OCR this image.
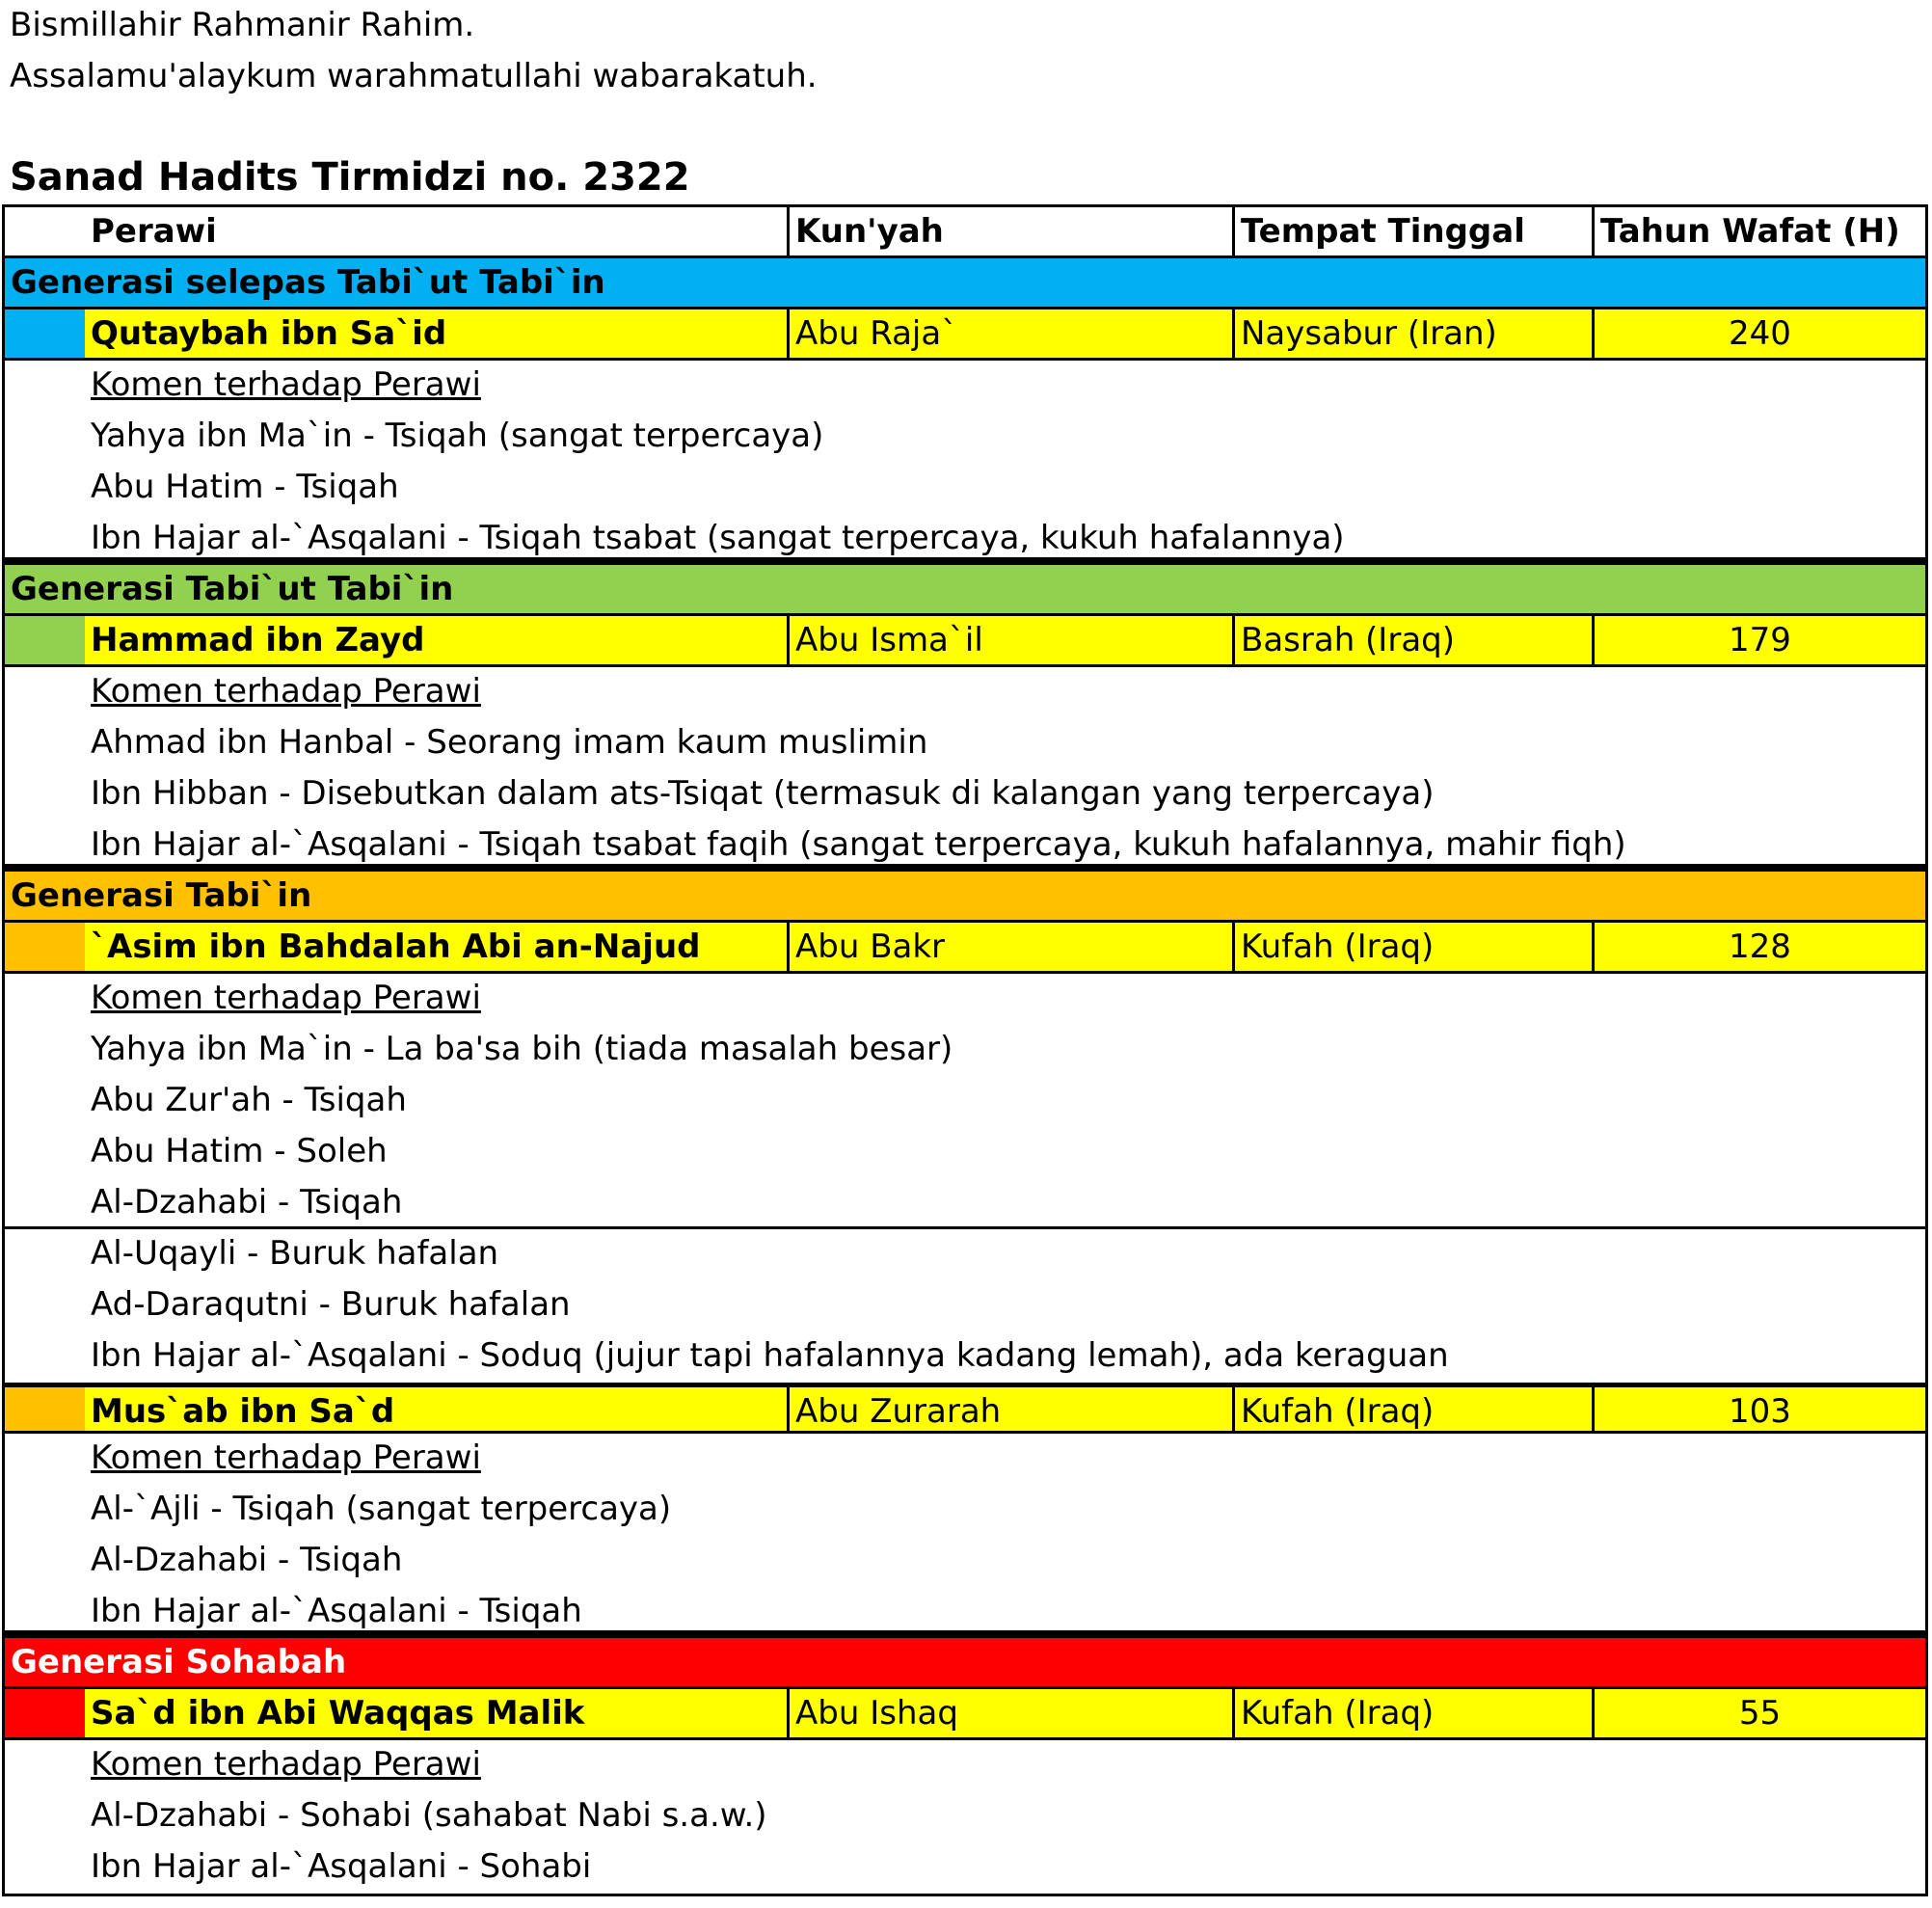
Bismillahir Rahmanir Rahim.
Assalamu'alaykum warahmatullahi wabarakatuh.
Sanad Hadits Tirmidzi no. 2322
Perawi	Kun'yah	Tempat Tinggal	Tahun Wafat (H)
Generasi selepas Tabi`ut Tabi`in
Qutaybah ibn Sa`id	Abu Raja`	Naysabur (Iran)	240
Komen terhadap Perawi
Yahya ibn Ma`in - Tsiqah (sangat terpercaya)
Abu Hatim - Tsiqah
Ibn Hajar al-`Asqalani - Tsiqah tsabat (sangat terpercaya, kukuh hafalannya)
Generasi Tabi`ut Tabi`in
Hammad ibn Zayd	Abu Isma`il	Basrah (Iraq)	179
Komen terhadap Perawi
Ahmad ibn Hanbal - Seorang imam kaum muslimin
Ibn Hibban - Disebutkan dalam ats-Tsiqat (termasuk di kalangan yang terpercaya)
Ibn Hajar al-`Asqalani - Tsiqah tsabat faqih (sangat terpercaya, kukuh hafalannya, mahir fiqh)
Generasi Tabi`in
`Asim ibn Bahdalah Abi an-Najud	Abu Bakr	Kufah (Iraq)	128
Komen terhadap Perawi
Yahya ibn Ma`in - La ba'sa bih (tiada masalah besar)
Abu Zur'ah - Tsiqah
Abu Hatim - Soleh
Al-Dzahabi - Tsiqah
Al-Uqayli - Buruk hafalan
Ad-Daraqutni - Buruk hafalan
Ibn Hajar al-`Asqalani - Soduq (jujur tapi hafalannya kadang lemah), ada keraguan
Mus`ab ibn Sa`d	Abu Zurarah	Kufah (Iraq)	103
Komen terhadap Perawi
Al-`Ajli - Tsiqah (sangat terpercaya)
Al-Dzahabi - Tsiqah
Ibn Hajar al-`Asqalani - Tsiqah
Generasi Sohabah
Sa`d ibn Abi Waqqas Malik	Abu Ishaq	Kufah (Iraq)	55
Komen terhadap Perawi
Al-Dzahabi - Sohabi (sahabat Nabi s.a.w.)
Ibn Hajar al-`Asqalani - Sohabi
